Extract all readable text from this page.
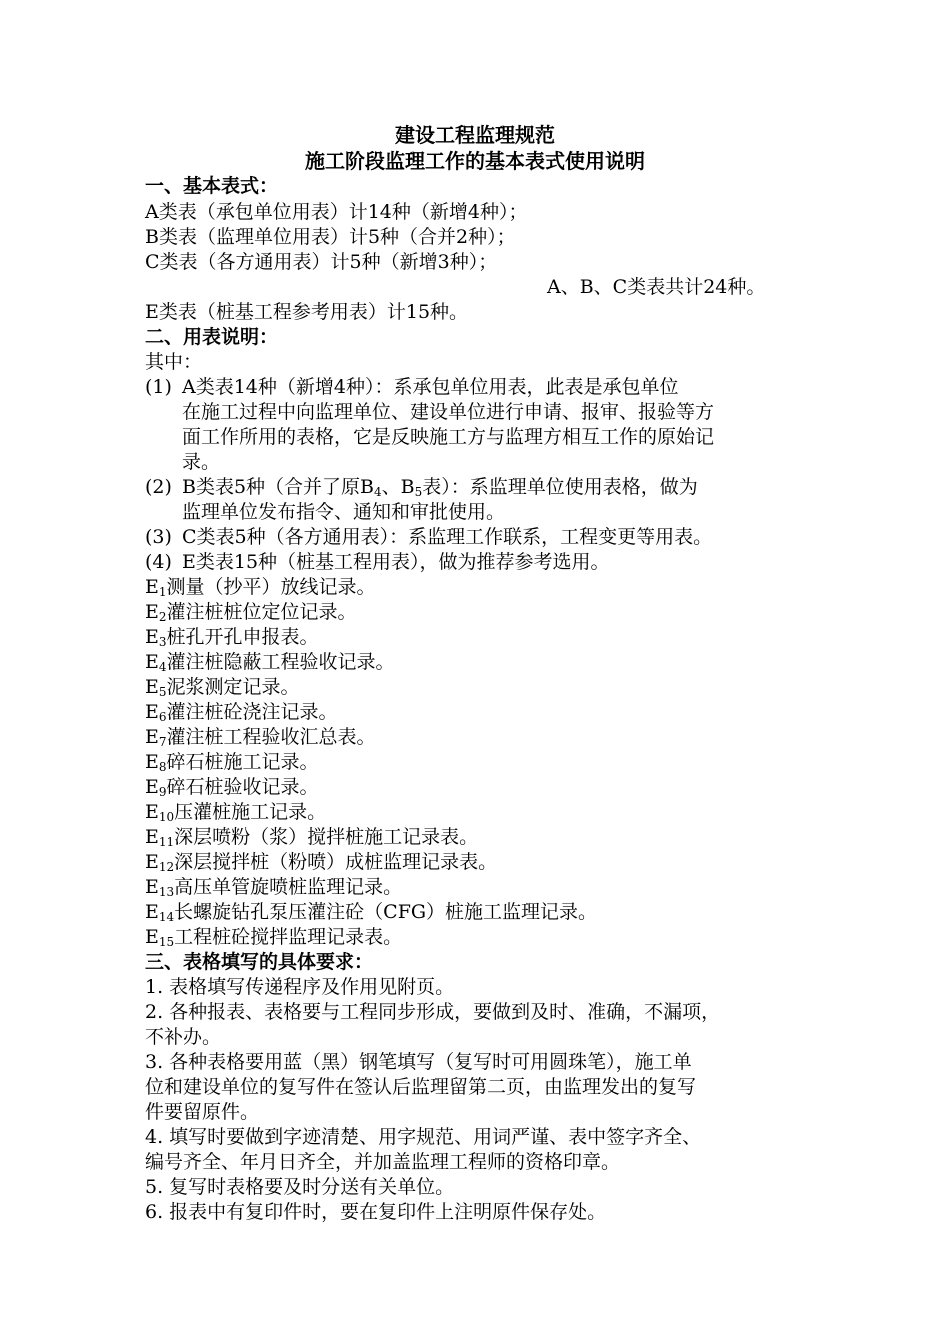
建设工程监理规范
施工阶段监理工作的基本表式使用说明
一、基本表式：
A类表（承包单位用表）计14种（新增4种）；
B类表（监理单位用表）计5种（合并2种）；
C类表（各方通用表）计5种（新增3种）；
A、B、C类表共计24种。
E类表（桩基工程参考用表）计15种。
二、用表说明：
其中：
(1) A类表14种（新增4种）：系承包单位用表，此表是承包单位
在施工过程中向监理单位、建设单位进行申请、报审、报验等方
面工作所用的表格，它是反映施工方与监理方相互工作的原始记
录。
(2) B类表5种（合并了原$B_4$、$B_5$表）：系监理单位使用表格，做为
监理单位发布指令、通知和审批使用。
(3) C类表5种（各方通用表）：系监理工作联系，工程变更等用表。
(4) E类表15种（桩基工程用表），做为推荐参考选用。
$E_1$测量（抄平）放线记录。
$E_2$灌注桩桩位定位记录。
$E_3$桩孔开孔申报表。
$E_4$灌注桩隐蔽工程验收记录。
$E_5$泥浆测定记录。
$E_6$灌注桩砼浇注记录。
$E_7$灌注桩工程验收汇总表。
$E_8$碎石桩施工记录。
$E_9$碎石桩验收记录。
$E_{10}$压灌桩施工记录。
$E_{11}$深层喷粉（浆）搅拌桩施工记录表。
$E_{12}$深层搅拌桩（粉喷）成桩监理记录表。
$E_{13}$高压单管旋喷桩监理记录。
$E_{14}$长螺旋钻孔泵压灌注砼（CFG）桩施工监理记录。
$E_{15}$工程桩砼搅拌监理记录表。
三、表格填写的具体要求：
1. 表格填写传递程序及作用见附页。
2. 各种报表、表格要与工程同步形成，要做到及时、准确，不漏项，
不补办。
3. 各种表格要用蓝（黑）钢笔填写（复写时可用圆珠笔），施工单
位和建设单位的复写件在签认后监理留第二页，由监理发出的复写
件要留原件。
4. 填写时要做到字迹清楚、用字规范、用词严谨、表中签字齐全、
编号齐全、年月日齐全，并加盖监理工程师的资格印章。
5. 复写时表格要及时分送有关单位。
6. 报表中有复印件时，要在复印件上注明原件保存处。
